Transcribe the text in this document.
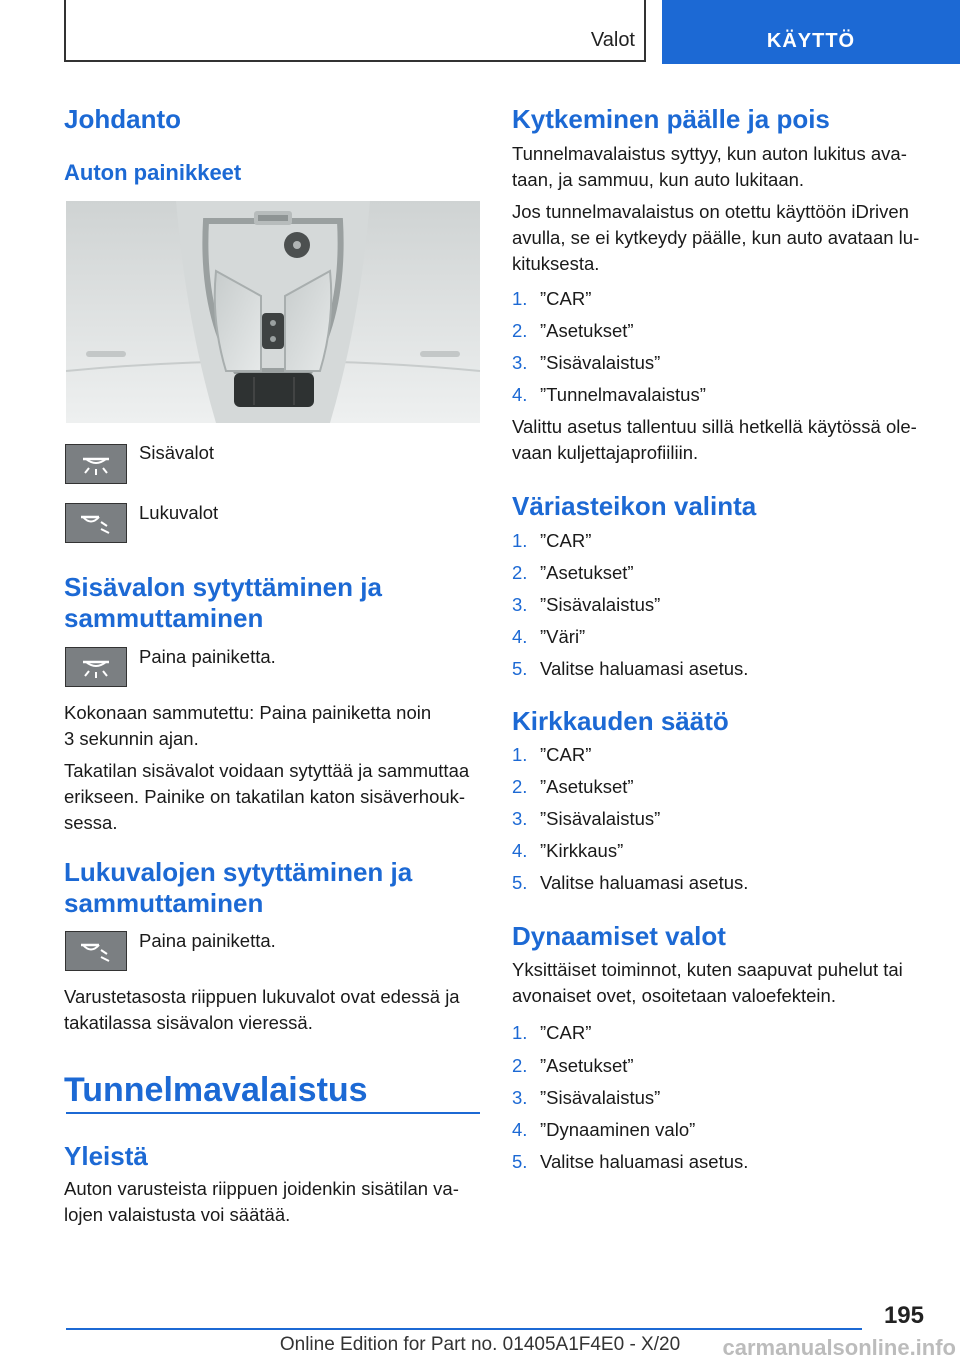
Valot	KÄYTTÖ
Johdanto
Auton painikkeet

Sisävalot

Lukuvalot

Sisävalon sytyttäminen ja
sammuttaminen

Paina painiketta.

Kokonaan sammutettu: Paina painiketta noin
3 sekunnin ajan.

Takatilan sisävalot voidaan sytyttää ja sammuttaa
erikseen. Painike on takatilan katon sisäverhouk-
sessa.

Lukuvalojen sytyttäminen ja
sammuttaminen

Paina painiketta.

Varustetasosta riippuen lukuvalot ovat edessä ja
takatilassa sisävalon vieressä.

Tunnelmavalaistus
Yleistä

Auton varusteista riippuen joidenkin sisätilan va-
lojen valaistusta voi säätää.

Kytkeminen päälle ja pois

Tunnelmavalaistus syttyy, kun auton lukitus ava-
taan, ja sammuu, kun auto lukitaan.

Jos tunnelmavalaistus on otettu käyttöön iDriven
avulla, se ei kytkeydy päälle, kun auto avataan lu-
kituksesta.

1. ”CAR”
2. ”Asetukset”
3. ”Sisävalaistus”
4. ”Tunnelmavalaistus”

Valittu asetus tallentuu sillä hetkellä käytössä ole-
vaan kuljettajaprofiiliin.

Väriasteikon valinta
1. ”CAR”
2. ”Asetukset”
3. ”Sisävalaistus”
4. ”Väri”
5. Valitse haluamasi asetus.
Kirkkauden säätö
1. ”CAR”
2. ”Asetukset”
3. ”Sisävalaistus”
4. ”Kirkkaus”
5. Valitse haluamasi asetus.
Dynaamiset valot

Yksittäiset toiminnot, kuten saapuvat puhelut tai
avonaiset ovet, osoitetaan valoefektein.

1. ”CAR”
2. ”Asetukset”
3. ”Sisävalaistus”
4. ”Dynaaminen valo”
5. Valitse haluamasi asetus.
195
Online Edition for Part no. 01405A1F4E0 - X/20	carmanualsonline.info
